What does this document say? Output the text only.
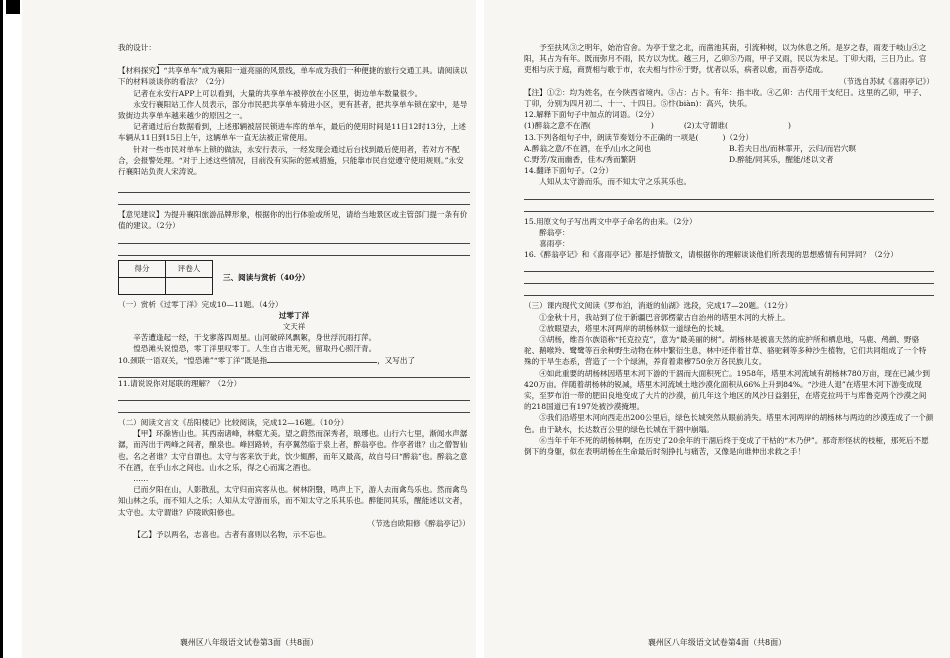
我的设计：

【材料探究】“共享单车”成为襄阳一道亮丽的风景线，单车成为我们一种便捷的旅行交通工具。请阅读以下的材料谈谈你的看法？（2分）

记者在永安行APP上可以看到，大量的共享单车被停放在小区里，街边单车数量很少。

永安行襄阳站工作人员表示，部分市民把共享单车骑进小区，更有甚者，把共享单车锁在家中，是导致街边共享单车越来越少的原因之一。

记者通过后台数据看到，上述那辆被居民锁进车库的单车，最后的使用时间是11日12时13分，上述车辆从11日到15日上午，这辆单车一直无法被正常使用。

针对一些市民对单车上锁的做法，永安行表示，一经发现会通过后台找到最后使用者，若对方不配合，会报警处理。“对于上述这些情况，目前没有实际的惩戒措施，只能靠市民自觉遵守使用规则。”永安行襄阳站负责人宋涛说。

【意见建议】为提升襄阳旅游品牌形象，根据你的出行体验或所见，请给当地景区或主管部门提一条有价值的建议。（2分）

得分	评卷人

三、阅读与赏析（40分）

（一）赏析《过零丁洋》完成10—11题。（4分）

过零丁洋

文天祥

辛苦遭逢起一经，干戈寥落四周星。山河破碎风飘絮，身世浮沉雨打萍。

惶恐滩头说惶恐，零丁洋里叹零丁。人生自古谁无死，留取丹心照汗青。

10.颈联一语双关，“惶恐滩”“零丁洋”既是指	，又写出了

11.请说说你对尾联的理解？（2分）

（二）阅读文言文《岳阳楼记》比较阅读，完成12—16题。（10分）

【甲】环滁皆山也。其西南诸峰，林壑尤美。望之蔚然而深秀者，琅琊也。山行六七里，渐闻水声潺潺，而泻出于两峰之间者，酿泉也。峰回路转，有亭翼然临于泉上者，醉翁亭也。作亭者谁？山之僧智仙也。名之者谁？太守自谓也。太守与客来饮于此，饮少辄醉，而年又最高，故自号曰“醉翁”也。醉翁之意不在酒，在乎山水之间也。山水之乐，得之心而寓之酒也。

……

已而夕阳在山，人影散乱，太守归而宾客从也。树林阴翳，鸣声上下，游人去而禽鸟乐也。然而禽鸟知山林之乐，而不知人之乐；人知从太守游而乐，而不知太守之乐其乐也。醉能同其乐，醒能述以文者，太守也。太守谓谁？庐陵欧阳修也。

（节选自欧阳修《醉翁亭记》）

【乙】予以两名，志喜也。古者有喜则以名物，示不忘也。

襄州区八年级语文试卷第3面（共8面）

予至扶风③之明年，始治官舍。为亭于堂之北，而凿池其南，引流种树，以为休息之所。是岁之春，雨麦于岐山④之阳，其占为有年。既而弥月不雨，民方以为忧。越三月，乙卯⑤乃雨，甲子又雨，民以为未足。丁卯大雨，三日乃止。官吏相与庆于庭，商贾相与歌于市，农夫相与忭⑥于野，忧者以乐，病者以愈，而吾亭适成。

（节选自苏轼《喜雨亭记》）

【注】①②：均为姓名，在今陕西省境内。③占：占卜。有年：指丰收。④乙卯：古代用干支纪日。这里的乙卯，甲子、丁卯，分别为四月初二、十一、十四日。⑤忭(biàn)：高兴，快乐。

12.解释下面句子中加点的词语。（2分）

(1)醉翁之意不在酒(	)	(2)太守谓谁(	)

13.下列各组句子中，朗读节奏划分不正确的一项是(	)（2分）

A.醉翁之意/不在酒，在乎/山水之间也	B.若夫日出/而林霏开，云归/而岩穴暝
C.野芳/发而幽香，佳木/秀而繁阴	D.醉能/同其乐，醒能/述以文者

14.翻译下面句子。（2分）

人知从太守游而乐，而不知太守之乐其乐也。

15.用原文句子写出两文中亭子命名的由来。（2分）

醉翁亭：

喜雨亭：

16.《醉翁亭记》和《喜雨亭记》都是抒情散文，请根据你的理解谈谈他们所表现的思想感情有何异同？（2分）

（三）课内现代文阅读《罗布泊，消逝的仙湖》选段，完成17—20题。（12分）

①金秋十月，我站到了位于新疆巴音郭楞蒙古自治州的塔里木河的大桥上。

②放眼望去，塔里木河两岸的胡杨林似一道绿色的长城。

③胡杨，维吾尔族语称“托克拉克”，意为“最美丽的树”。胡杨林是被喜天然的庇护所和栖息地，马鹿、鸬鹚、野骆驼、鹅喉羚、鹭鹭等百余种野生动物在林中繁衍生息，林中还伴着甘草、骆驼刺等多种沙生植物，它们共同组成了一个特殊的干旱生态系，营造了一个个绿洲，养育着肃穆750余万各民族儿女。

④如此重要的胡杨林因塔里木河下游的干涸而大面积死亡。1958年，塔里木河流域有胡杨林780万亩，现在已减少到420万亩。伴随着胡杨林的锐减，塔里木河流域土地沙漠化面积从66%上升到84%。“沙进人退”在塔里木河下游变成现实，至罗布泊一带的肥田良地变成了大片的沙漠，前几年这个地区的风沙日益猖狂，在塔克拉玛干与库鲁克两个沙漠之间的218国道已有197处被沙漠掩埋。

⑤我们沿塔里木河向西走出200公里后，绿色长城突然从眼前消失。塔里木河两岸的胡杨林与两边的沙漠连成了一个颜色。由于缺水，长达数百公里的绿色长城在干涸中崩塌。

⑥当年千年不死的胡杨林啊，在历史了20余年的干涸后终于变成了干枯的“木乃伊”。那奇形怪状的枝桠，那死后不愿倒下的身躯，似在表明胡杨在生命最后时刻挣扎与痛苦，又像是向谁伸出求救之手！

襄州区八年级语文试卷第4面（共8面）
